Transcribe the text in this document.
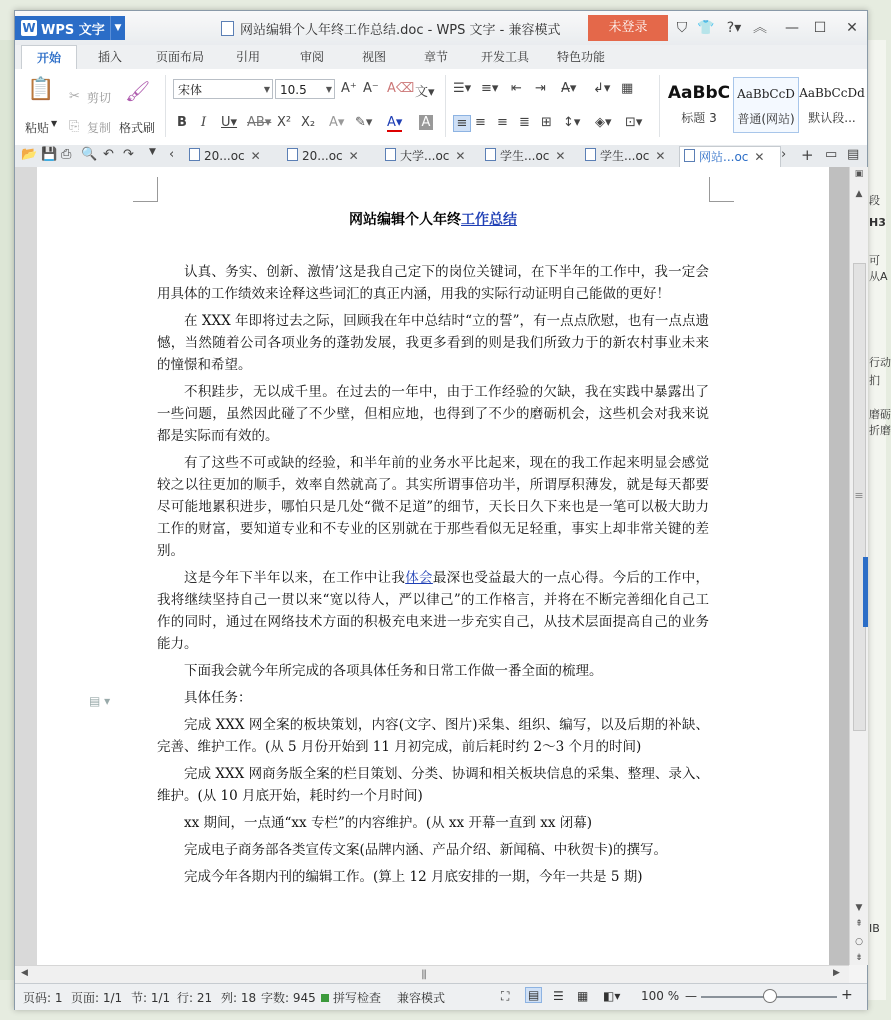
段
H3
可
从A
行动
扪
磨砺
折磨
IB
W WPS 文字	▼	网站编辑个人年终工作总结.doc - WPS 文字 - 兼容模式	未登录	⛉ 👕 ?▾ ︽ —	☐	✕
开始	插入	页面布局	引用	审阅	视图	章节	开发工具	特色功能
📋
粘贴 ▼
✂ 剪切
⎘ 复制
🖌
格式刷
宋体	▼ 10.5 ▼ A⁺ A⁻ A⌫ 文▾
B I U▾ AB▾ X² X₂ A▾ ✎▾ A▾ A
☰▾ ≡▾ ⇤ ⇥ A̶▾ ↲▾ ▦
≡ ≡ ≡ ≣ ⊞ ↕▾ ◈▾ ⊡▾
AaBbC
标题 3
AaBbCcD
普通(网站)
AaBbCcDd
默认段...
📂 💾 ⎙ 🔍 ↶ ↷ ▼ ‹	20...oc ✕	20...oc ✕	大学...oc ✕	学生...oc ✕	学生...oc ✕	网站...oc ✕	› + ▭ ▤
网站编辑个人年终工作总结

认真、务实、创新、激情’这是我自己定下的岗位关键词，在下半年的工作中，我一定会用具体的工作绩效来诠释这些词汇的真正内涵，用我的实际行动证明自己能做的更好！

在 XXX 年即将过去之际，回顾我在年中总结时“立的誓”，有一点点欣慰，也有一点点遗憾，当然随着公司各项业务的蓬勃发展，我更多看到的则是我们所致力于的新农村事业未来的憧憬和希望。

不积跬步，无以成千里。在过去的一年中，由于工作经验的欠缺，我在实践中暴露出了一些问题，虽然因此碰了不少壁，但相应地，也得到了不少的磨砺机会，这些机会对我来说都是实际而有效的。

有了这些不可或缺的经验，和半年前的业务水平比起来，现在的我工作起来明显会感觉较之以往更加的顺手，效率自然就高了。其实所谓事倍功半，所谓厚积薄发，就是每天都要尽可能地累积进步，哪怕只是几处“微不足道”的细节，天长日久下来也是一笔可以极大助力工作的财富，要知道专业和不专业的区别就在于那些看似无足轻重，事实上却非常关键的差别。

这是今年下半年以来，在工作中让我体会最深也受益最大的一点心得。今后的工作中，我将继续坚持自己一贯以来“宽以待人，严以律己”的工作格言，并将在不断完善细化自己工作的同时，通过在网络技术方面的积极充电来进一步充实自己，从技术层面提高自己的业务能力。

下面我会就今年所完成的各项具体任务和日常工作做一番全面的梳理。

具体任务：

完成 XXX 网全案的板块策划，内容(文字、图片)采集、组织、编写，以及后期的补缺、完善、维护工作。(从 5 月份开始到 11 月初完成，前后耗时约 2～3 个月的时间)

完成 XXX 网商务版全案的栏目策划、分类、协调和相关板块信息的采集、整理、录入、维护。(从 10 月底开始，耗时约一个月时间)

xx 期间，一点通“xx 专栏”的内容维护。(从 xx 开幕一直到 xx 闭幕)

完成电子商务部各类宣传文案(品牌内涵、产品介绍、新闻稿、中秋贺卡)的撰写。

完成今年各期内刊的编辑工作。(算上 12 月底安排的一期，今年一共是 5 期)

▤ ▾
▣
▲
≡
▼
⇞
○
⇟
◀	|||	▶
页码: 1 页面: 1/1 节: 1/1 行: 21 列: 18 字数: 945	拼写检查 兼容模式	⛶ ▤ ☰ ▦ ◧▾ 100 % —	+
